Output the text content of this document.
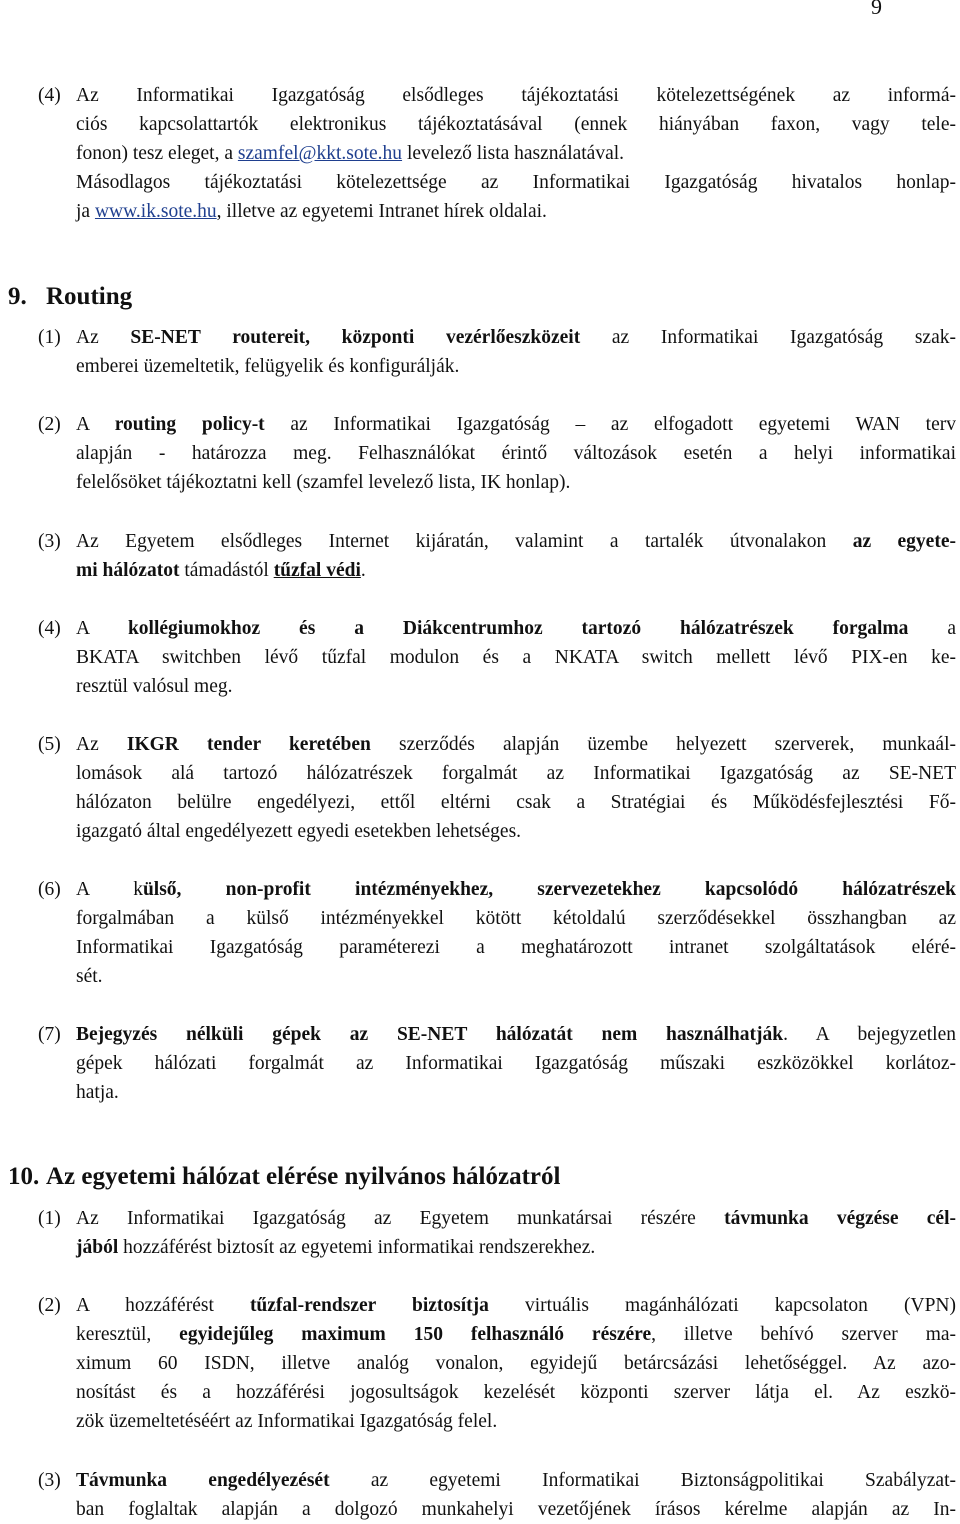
9
(4) Az Informatikai Igazgatóság elsődleges tájékoztatási kötelezettségének az informá-
ciós kapcsolattartók elektronikus tájékoztatásával (ennek hiányában faxon, vagy tele-
fonon) tesz eleget, a szamfel@kkt.sote.hu levelező lista használatával.
Másodlagos tájékoztatási kötelezettsége az Informatikai Igazgatóság hivatalos honlap-
ja www.ik.sote.hu, illetve az egyetemi Intranet hírek oldalai.
9. Routing
(1) Az SE-NET routereit, központi vezérlőeszközeit az Informatikai Igazgatóság szak-
emberei üzemeltetik, felügyelik és konfigurálják.
(2) A routing policy-t az Informatikai Igazgatóság – az elfogadott egyetemi WAN terv
alapján - határozza meg. Felhasználókat érintő változások esetén a helyi informatikai
felelősöket tájékoztatni kell (szamfel levelező lista, IK honlap).
(3) Az Egyetem elsődleges Internet kijáratán, valamint a tartalék útvonalakon az egyete-
mi hálózatot támadástól tűzfal védi.
(4) A kollégiumokhoz és a Diákcentrumhoz tartozó hálózatrészek forgalma a
BKATA switchben lévő tűzfal modulon és a NKATA switch mellett lévő PIX-en ke-
resztül valósul meg.
(5) Az IKGR tender keretében szerződés alapján üzembe helyezett szerverek, munkaál-
lomások alá tartozó hálózatrészek forgalmát az Informatikai Igazgatóság az SE-NET
hálózaton belülre engedélyezi, ettől eltérni csak a Stratégiai és Működésfejlesztési Fő-
igazgató által engedélyezett egyedi esetekben lehetséges.
(6) A külső, non-profit intézményekhez, szervezetekhez kapcsolódó hálózatrészek
forgalmában a külső intézményekkel kötött kétoldalú szerződésekkel összhangban az
Informatikai Igazgatóság paraméterezi a meghatározott intranet szolgáltatások eléré-
sét.
(7) Bejegyzés nélküli gépek az SE-NET hálózatát nem használhatják. A bejegyzetlen
gépek hálózati forgalmát az Informatikai Igazgatóság műszaki eszközökkel korlátoz-
hatja.
10. Az egyetemi hálózat elérése nyilvános hálózatról
(1) Az Informatikai Igazgatóság az Egyetem munkatársai részére távmunka végzése cél-
jából hozzáférést biztosít az egyetemi informatikai rendszerekhez.
(2) A hozzáférést tűzfal-rendszer biztosítja virtuális magánhálózati kapcsolaton (VPN)
keresztül, egyidejűleg maximum 150 felhasználó részére, illetve behívó szerver ma-
ximum 60 ISDN, illetve analóg vonalon, egyidejű betárcsázási lehetőséggel. Az azo-
nosítást és a hozzáférési jogosultságok kezelését központi szerver látja el. Az eszkö-
zök üzemeltetéséért az Informatikai Igazgatóság felel.
(3) Távmunka engedélyezését az egyetemi Informatikai Biztonságpolitikai Szabályzat-
ban foglaltak alapján a dolgozó munkahelyi vezetőjének írásos kérelme alapján az In-
